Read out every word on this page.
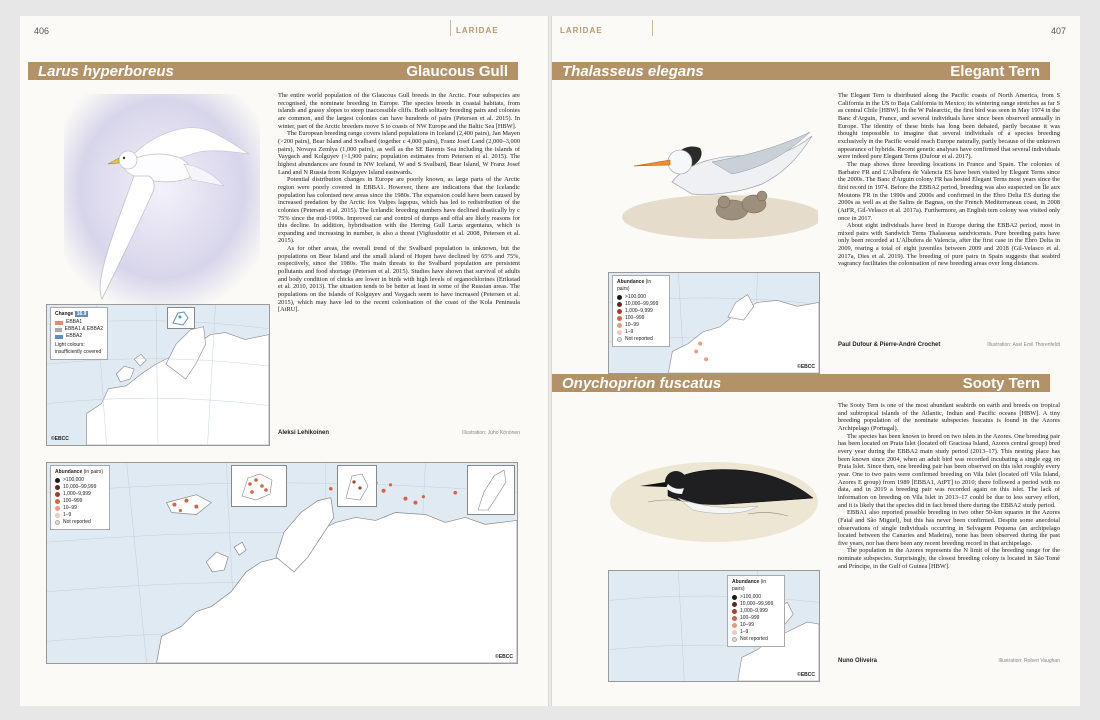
406	LARIDAE
Larus hyperboreus	Glaucous Gull

The entire world population of the Glaucous Gull breeds in the Arctic. Four subspecies are recognised, the nominate breeding in Europe. The species breeds in coastal habitats, from islands and grassy slopes to steep inaccessible cliffs. Both solitary breeding pairs and colonies are common, and the largest colonies can have hundreds of pairs (Petersen et al. 2015). In winter, part of the Arctic breeders move S to coasts of NW Europe and the Baltic Sea [HBW].

The European breeding range covers island populations in Iceland (2,400 pairs), Jan Mayen (>200 pairs), Bear Island and Svalbard (together c 4,000 pairs), Franz Josef Land (2,000–3,000 pairs), Novaya Zemlya (1,000 pairs), as well as the SE Barents Sea including the islands of Vaygach and Kolguyev (>1,900 pairs; population estimates from Petersen et al. 2015). The highest abundances are found in NW Iceland, W and S Svalbard, Bear Island, W Franz Josef Land and N Russia from Kolguyev Island eastwards.

Potential distribution changes in Europe are poorly known, as large parts of the Arctic region were poorly covered in EBBA1. However, there are indications that the Icelandic population has colonised new areas since the 1980s. The expansion could have been caused by increased predation by the Arctic fox Vulpes lagopus, which has led to redistribution of the colonies (Petersen et al. 2015). The Icelandic breeding numbers have declined drastically by c 75% since the mid-1990s. Improved car and control of dumps and offal are likely reasons for this decline. In addition, hybridisation with the Herring Gull Larus argentatus, which is expanding and increasing in number, is also a threat (Vigfusdottir et al. 2008, Petersen et al. 2015).

As for other areas, the overall trend of the Svalbard population is unknown, but the populations on Bear Island and the small island of Hopen have declined by 65% and 75%, respectively, since the 1980s. The main threats to the Svalbard population are persistent pollutants and food shortage (Petersen et al. 2015). Studies have shown that survival of adults and body condition of chicks are lower in birds with high levels of organochlorines (Erikstad et al. 2010, 2013). The situation tends to be better at least in some of the Russian areas. The populations on the islands of Kolguyev and Vaygach seem to have increased (Petersen et al. 2015), which may have led to the recent colonisation of the coast of the Kola Peninsula [AtRU].

Aleksi Lehikoinen	Illustration: Juho Könönen
Change 16.9
EBBA1
EBBA1 & EBBA2
EBBA2
Light colours: insufficiently covered
©EBCC
Abundance (in pairs)
>100,000
10,000–99,999
1,000–9,999
100–999
10–99
1–9
Not reported
©EBCC
LARIDAE	407
Thalasseus elegans	Elegant Tern
Abundance (in pairs)
>100,000
10,000–99,999
1,000–9,999
100–999
10–99
1–9
Not reported
©EBCC

The Elegant Tern is distributed along the Pacific coasts of North America, from S California in the US to Baja California in Mexico; its wintering range stretches as far S as central Chile [HBW]. In the W Palearctic, the first bird was seen in May 1974 in the Banc d'Arguin, France, and several individuals have since been observed annually in Europe. The identity of these birds has long been debated, partly because it was thought impossible to imagine that several individuals of a species breeding exclusively in the Pacific would reach Europe naturally, partly because of the unknown appearance of hybrids. Recent genetic analyses have confirmed that several individuals were indeed pure Elegant Terns (Dufour et al. 2017).

The map shows three breeding locations in France and Spain. The colonies of Barbatre FR and L'Albufera de Valencia ES have been visited by Elegant Terns since the 2000s. The Banc d'Arguin colony FR has hosted Elegant Terns most years since the first record in 1974. Before the EBBA2 period, breeding was also suspected on Île aux Moutons FR in the 1990s and 2000s and confirmed in the Ebro Delta ES during the 2000s as well as at the Salins de Bagnas, on the French Mediterranean coast, in 2008 (AtFR, Gil-Velasco et al. 2017a). Furthermore, an English tern colony was visited only once in 2017.

About eight individuals have bred in Europe during the EBBA2 period, most in mixed pairs with Sandwich Terns Thalasseus sandvicensis. Pure breeding pairs have only been recorded at L'Albufera de Valencia, after the first case in the Ebro Delta in 2009, rearing a total of eight juveniles between 2009 and 2018 (Gil-Velasco et al. 2017a, Dies et al. 2019). The breeding of pure pairs in Spain suggests that seabird vagrancy facilitates the colonisation of new breeding areas over long distances.

Paul Dufour & Pierre-André Crochet	Illustration: Axel Emil Thorenfeldt
Onychoprion fuscatus	Sooty Tern
Abundance (in pairs)
>100,000
10,000–99,999
1,000–9,999
100–999
10–99
1–9
Not reported
©EBCC

The Sooty Tern is one of the most abundant seabirds on earth and breeds on tropical and subtropical islands of the Atlantic, Indian and Pacific oceans [HBW]. A tiny breeding population of the nominate subspecies fuscatus is found in the Azores Archipelago (Portugal).

The species has been known to breed on two islets in the Azores. One breeding pair has been located on Praia Islet (located off Graciosa Island, Azores central group) bred every year during the EBBA2 main study period (2013–17). This nesting place has been known since 2004, when an adult bird was recorded incubating a single egg on Praia Islet. Since then, one breeding pair has been observed on this islet roughly every year. One to two pairs were confirmed breeding on Vila Islet (located off Vila Island, Azores E group) from 1989 [EBBA1, AtPT] to 2010; there followed a period with no data, and in 2019 a breeding pair was recorded again on this islet. The lack of information on breeding on Vila Islet in 2013–17 could be due to less survey effort, and it is likely that the species did in fact breed there during the EBBA2 study period.

EBBA1 also reported possible breeding in two other 50-km squares in the Azores (Faial and São Miguel), but this has never been confirmed. Despite some anecdotal observations of single individuals occurring in Selvagem Pequena (an archipelago located between the Canaries and Madeira), none has been observed during the past five years, nor has there been any recent breeding record in that archipelago.

The population in the Azores represents the N limit of the breeding range for the nominate subspecies. Surprisingly, the closest breeding colony is located in São Tomé and Príncipe, in the Gulf of Guinea [HBW].

Nuno Oliveira	Illustration: Robert Vaughan
